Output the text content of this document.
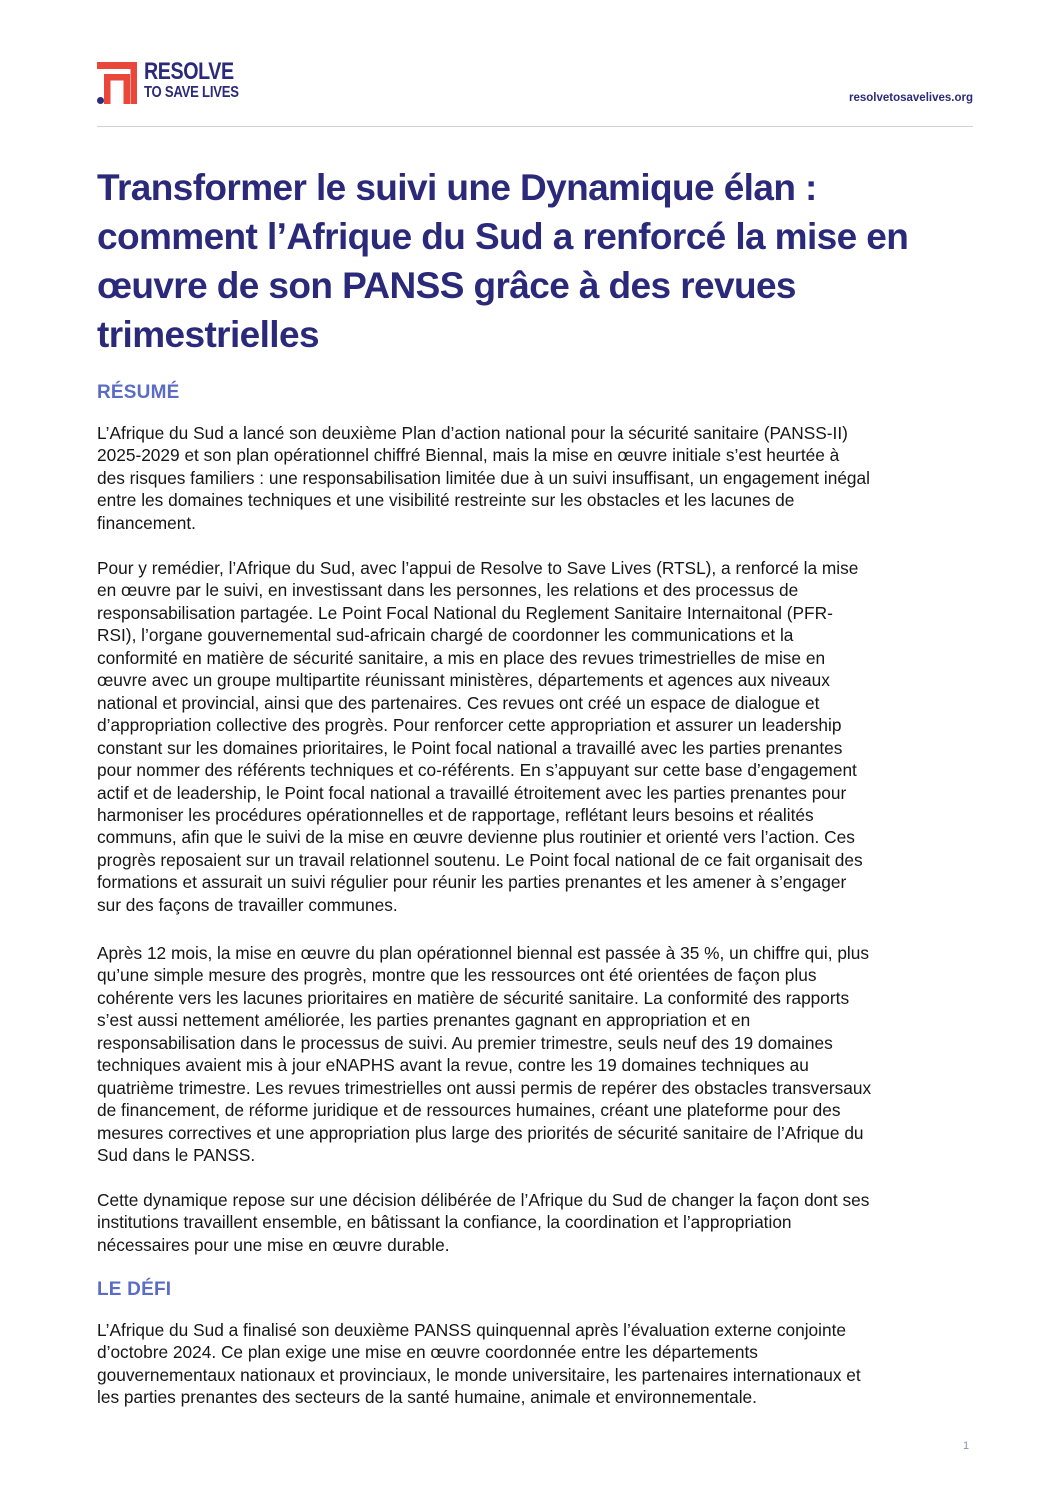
RESOLVE
TO SAVE LIVES	resolvetosavelives.org
Transformer le suivi une Dynamique élan :
comment l’Afrique du Sud a renforcé la mise en
œuvre de son PANSS grâce à des revues
trimestrielles
RÉSUMÉ

L’Afrique du Sud a lancé son deuxième Plan d’action national pour la sécurité sanitaire (PANSS-II)
2025-2029 et son plan opérationnel chiffré Biennal, mais la mise en œuvre initiale s’est heurtée à
des risques familiers : une responsabilisation limitée due à un suivi insuffisant, un engagement inégal
entre les domaines techniques et une visibilité restreinte sur les obstacles et les lacunes de
financement.

Pour y remédier, l’Afrique du Sud, avec l’appui de Resolve to Save Lives (RTSL), a renforcé la mise
en œuvre par le suivi, en investissant dans les personnes, les relations et des processus de
responsabilisation partagée. Le Point Focal National du Reglement Sanitaire Internaitonal (PFR-
RSI), l’organe gouvernemental sud-africain chargé de coordonner les communications et la
conformité en matière de sécurité sanitaire, a mis en place des revues trimestrielles de mise en
œuvre avec un groupe multipartite réunissant ministères, départements et agences aux niveaux
national et provincial, ainsi que des partenaires. Ces revues ont créé un espace de dialogue et
d’appropriation collective des progrès. Pour renforcer cette appropriation et assurer un leadership
constant sur les domaines prioritaires, le Point focal national a travaillé avec les parties prenantes
pour nommer des référents techniques et co-référents. En s’appuyant sur cette base d’engagement
actif et de leadership, le Point focal national a travaillé étroitement avec les parties prenantes pour
harmoniser les procédures opérationnelles et de rapportage, reflétant leurs besoins et réalités
communs, afin que le suivi de la mise en œuvre devienne plus routinier et orienté vers l’action. Ces
progrès reposaient sur un travail relationnel soutenu. Le Point focal national de ce fait organisait des
formations et assurait un suivi régulier pour réunir les parties prenantes et les amener à s’engager
sur des façons de travailler communes.

Après 12 mois, la mise en œuvre du plan opérationnel biennal est passée à 35 %, un chiffre qui, plus
qu’une simple mesure des progrès, montre que les ressources ont été orientées de façon plus
cohérente vers les lacunes prioritaires en matière de sécurité sanitaire. La conformité des rapports
s’est aussi nettement améliorée, les parties prenantes gagnant en appropriation et en
responsabilisation dans le processus de suivi. Au premier trimestre, seuls neuf des 19 domaines
techniques avaient mis à jour eNAPHS avant la revue, contre les 19 domaines techniques au
quatrième trimestre. Les revues trimestrielles ont aussi permis de repérer des obstacles transversaux
de financement, de réforme juridique et de ressources humaines, créant une plateforme pour des
mesures correctives et une appropriation plus large des priorités de sécurité sanitaire de l’Afrique du
Sud dans le PANSS.

Cette dynamique repose sur une décision délibérée de l’Afrique du Sud de changer la façon dont ses
institutions travaillent ensemble, en bâtissant la confiance, la coordination et l’appropriation
nécessaires pour une mise en œuvre durable.

LE DÉFI

L’Afrique du Sud a finalisé son deuxième PANSS quinquennal après l’évaluation externe conjointe
d’octobre 2024. Ce plan exige une mise en œuvre coordonnée entre les départements
gouvernementaux nationaux et provinciaux, le monde universitaire, les partenaires internationaux et
les parties prenantes des secteurs de la santé humaine, animale et environnementale.

1
